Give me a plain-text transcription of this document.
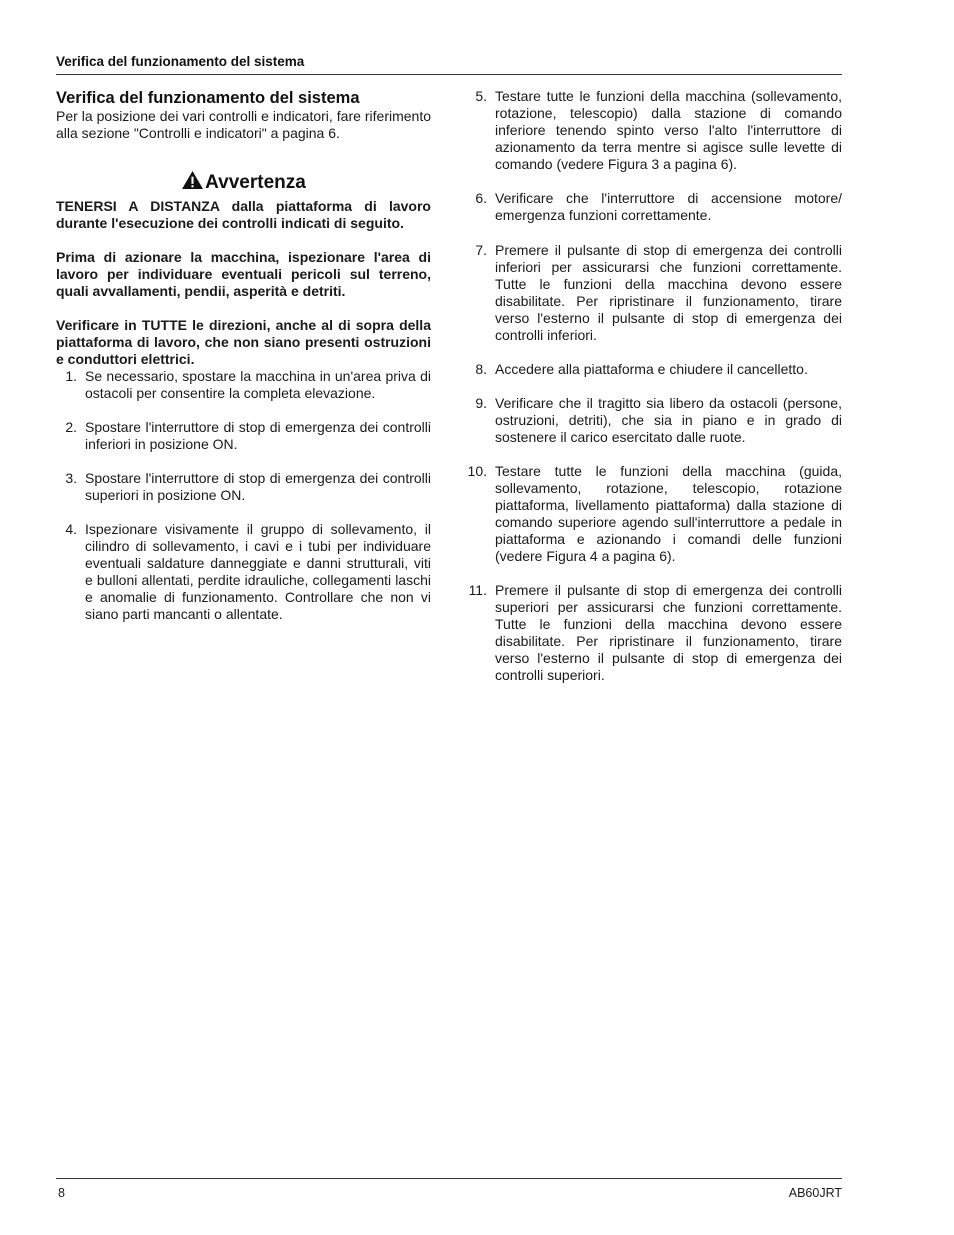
Verifica del funzionamento del sistema
Verifica del funzionamento del sistema

Per la posizione dei vari controlli e indicatori, fare riferimento alla sezione "Controlli e indicatori" a pagina 6.

Avvertenza

TENERSI A DISTANZA dalla piattaforma di lavoro durante l'esecuzione dei controlli indicati di seguito.

Prima di azionare la macchina, ispezionare l'area di lavoro per individuare eventuali pericoli sul terreno, quali avvallamenti, pendii, asperità e detriti.

Verificare in TUTTE le direzioni, anche al di sopra della piattaforma di lavoro, che non siano presenti ostruzioni e conduttori elettrici.

1. Se necessario, spostare la macchina in un'area priva di ostacoli per consentire la completa elevazione.
2. Spostare l'interruttore di stop di emergenza dei controlli inferiori in posizione ON.
3. Spostare l'interruttore di stop di emergenza dei controlli superiori in posizione ON.
4. Ispezionare visivamente il gruppo di sollevamento, il cilindro di sollevamento, i cavi e i tubi per individuare eventuali saldature danneggiate e danni strutturali, viti e bulloni allentati, perdite idrauliche, collegamenti laschi e anomalie di funzionamento. Controllare che non vi siano parti mancanti o allentate.
5. Testare tutte le funzioni della macchina (sollevamento, rotazione, telescopio) dalla stazione di comando inferiore tenendo spinto verso l'alto l'interruttore di azionamento da terra mentre si agisce sulle levette di comando (vedere Figura 3 a pagina 6).
6. Verificare che l'interruttore di accensione motore/ emergenza funzioni correttamente.
7. Premere il pulsante di stop di emergenza dei controlli inferiori per assicurarsi che funzioni correttamente. Tutte le funzioni della macchina devono essere disabilitate. Per ripristinare il funzionamento, tirare verso l'esterno il pulsante di stop di emergenza dei controlli inferiori.
8. Accedere alla piattaforma e chiudere il cancelletto.
9. Verificare che il tragitto sia libero da ostacoli (persone, ostruzioni, detriti), che sia in piano e in grado di sostenere il carico esercitato dalle ruote.
10. Testare tutte le funzioni della macchina (guida, sollevamento, rotazione, telescopio, rotazione piattaforma, livellamento piattaforma) dalla stazione di comando superiore agendo sull'interruttore a pedale in piattaforma e azionando i comandi delle funzioni (vedere Figura 4 a pagina 6).
11. Premere il pulsante di stop di emergenza dei controlli superiori per assicurarsi che funzioni correttamente. Tutte le funzioni della macchina devono essere disabilitate. Per ripristinare il funzionamento, tirare verso l'esterno il pulsante di stop di emergenza dei controlli superiori.
8	AB60JRT
